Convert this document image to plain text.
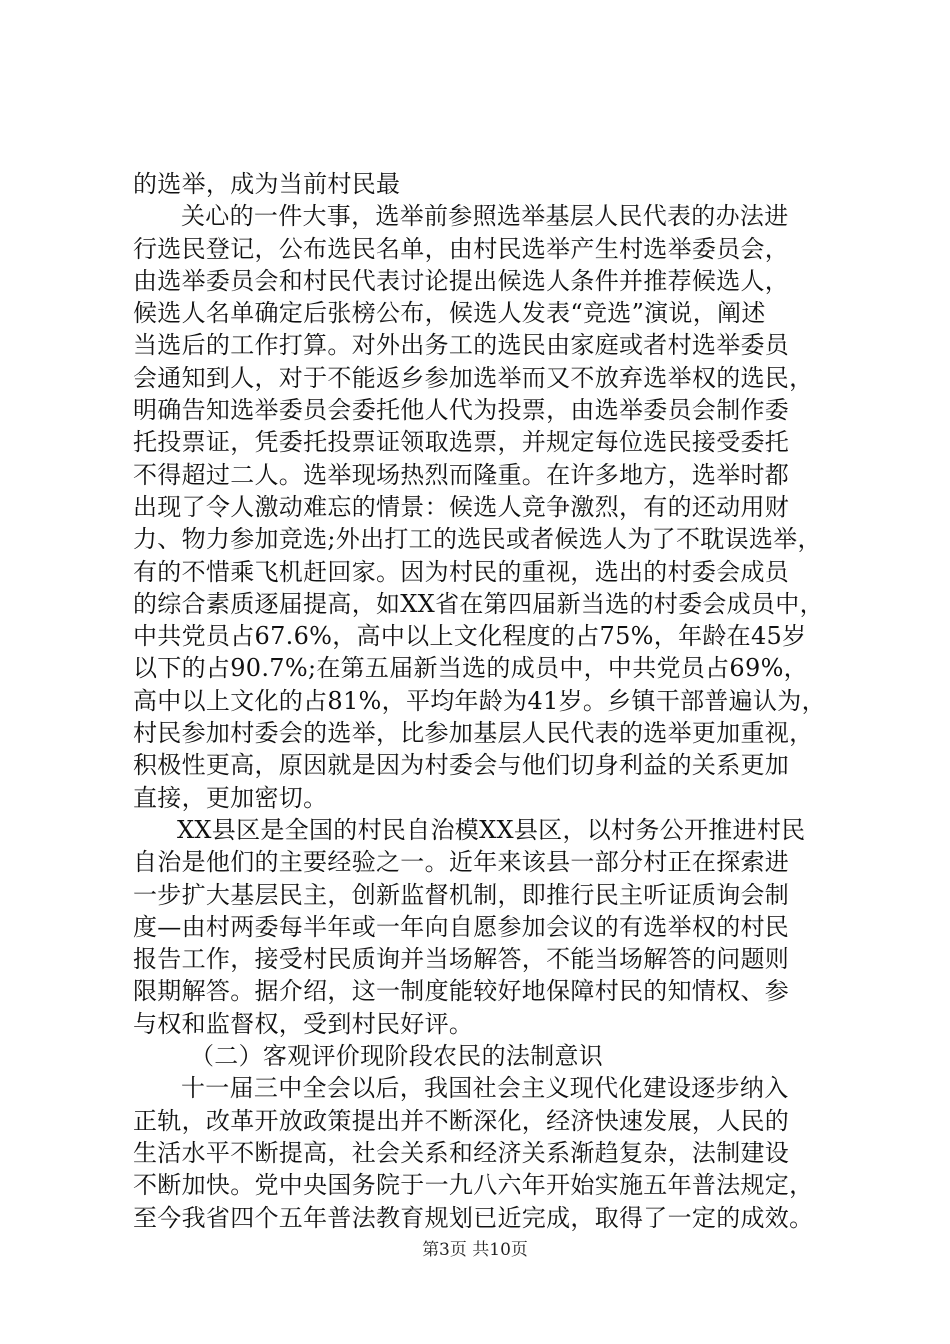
的选举，成为当前村民最
关心的一件大事，选举前参照选举基层人民代表的办法进
行选民登记，公布选民名单，由村民选举产生村选举委员会，
由选举委员会和村民代表讨论提出候选人条件并推荐候选人，
候选人名单确定后张榜公布，候选人发表“竞选”演说，阐述
当选后的工作打算。对外出务工的选民由家庭或者村选举委员
会通知到人，对于不能返乡参加选举而又不放弃选举权的选民，
明确告知选举委员会委托他人代为投票，由选举委员会制作委
托投票证，凭委托投票证领取选票，并规定每位选民接受委托
不得超过二人。选举现场热烈而隆重。在许多地方，选举时都
出现了令人激动难忘的情景：候选人竞争激烈，有的还动用财
力、物力参加竞选;外出打工的选民或者候选人为了不耽误选举，
有的不惜乘飞机赶回家。因为村民的重视，选出的村委会成员
的综合素质逐届提高，如XX省在第四届新当选的村委会成员中，
中共党员占67.6%，高中以上文化程度的占75%，年龄在45岁
以下的占90.7%;在第五届新当选的成员中，中共党员占69%，
高中以上文化的占81%，平均年龄为41岁。乡镇干部普遍认为，
村民参加村委会的选举，比参加基层人民代表的选举更加重视，
积极性更高，原因就是因为村委会与他们切身利益的关系更加
直接，更加密切。
XX县区是全国的村民自治模XX县区，以村务公开推进村民
自治是他们的主要经验之一。近年来该县一部分村正在探索进
一步扩大基层民主，创新监督机制，即推行民主听证质询会制
度—由村两委每半年或一年向自愿参加会议的有选举权的村民
报告工作，接受村民质询并当场解答，不能当场解答的问题则
限期解答。据介绍，这一制度能较好地保障村民的知情权、参
与权和监督权，受到村民好评。
（二）客观评价现阶段农民的法制意识
十一届三中全会以后，我国社会主义现代化建设逐步纳入
正轨，改革开放政策提出并不断深化，经济快速发展，人民的
生活水平不断提高，社会关系和经济关系渐趋复杂，法制建设
不断加快。党中央国务院于一九八六年开始实施五年普法规定，
至今我省四个五年普法教育规划已近完成，取得了一定的成效。
第3页 共10页
